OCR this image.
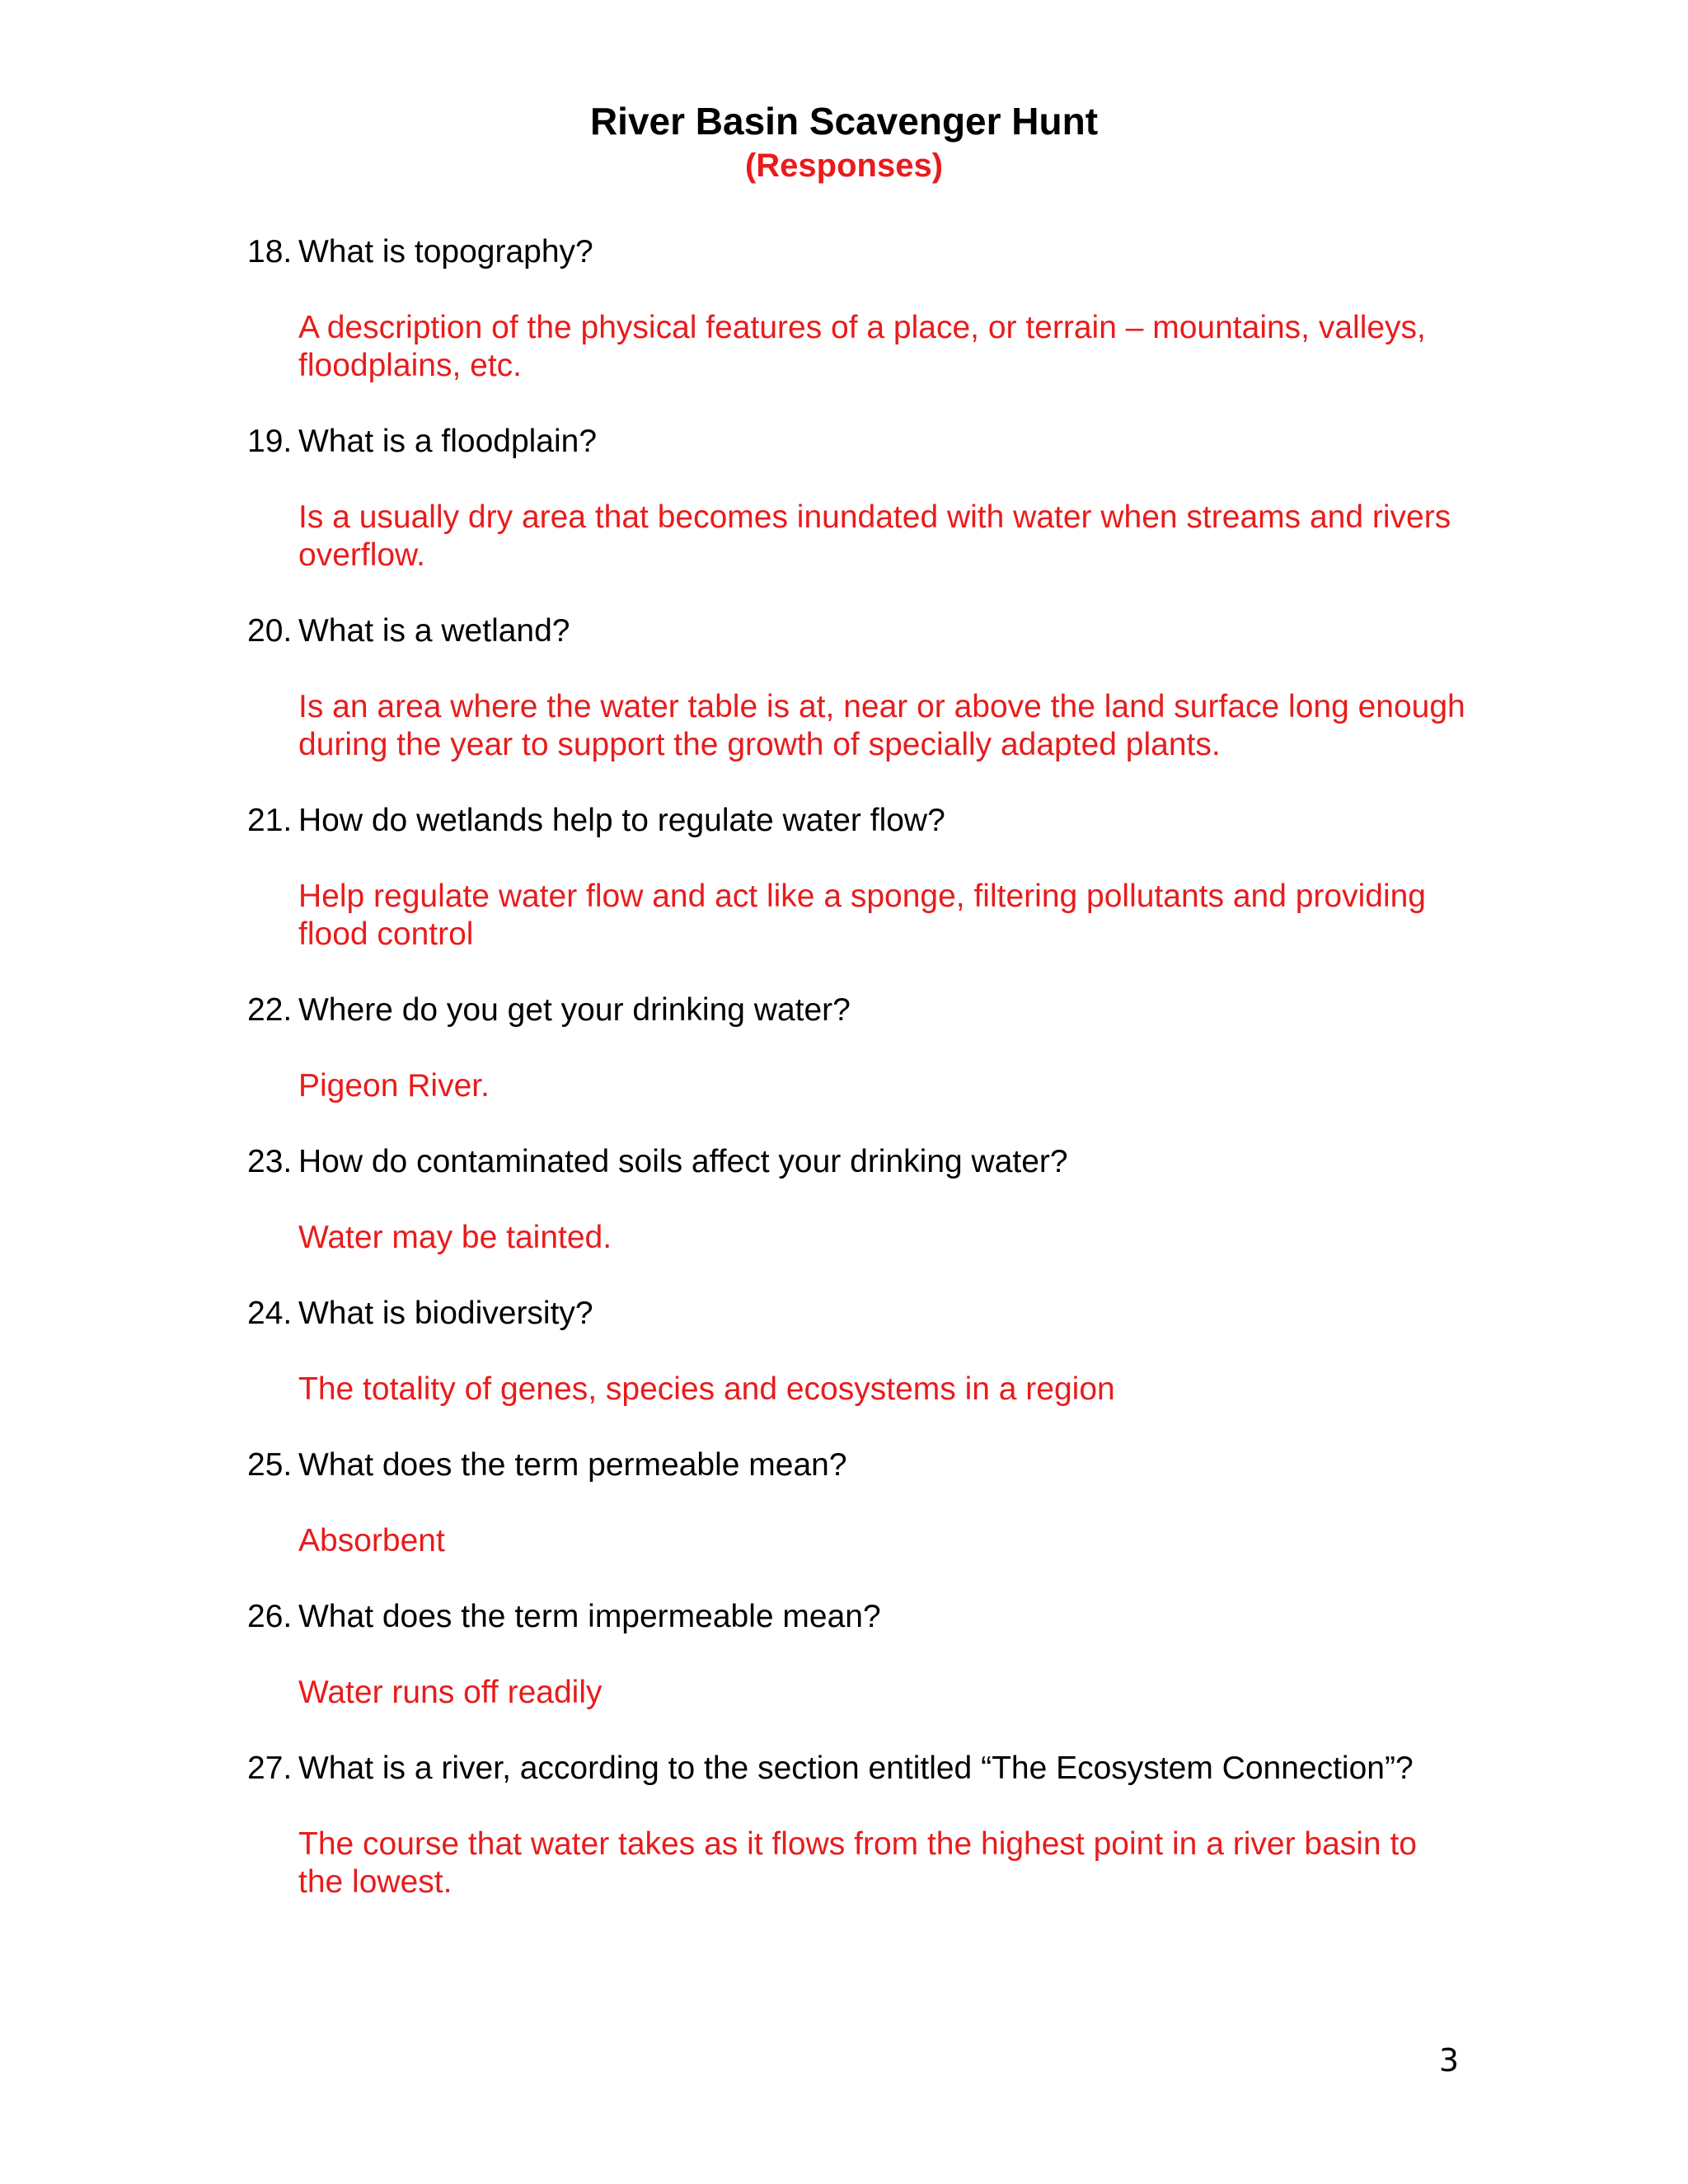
River Basin Scavenger Hunt
(Responses)
18. What is topography?
A description of the physical features of a place, or terrain – mountains, valleys, floodplains, etc.
19. What is a floodplain?
Is a usually dry area that becomes inundated with water when streams and rivers overflow.
20. What is a wetland?
Is an area where the water table is at, near or above the land surface long enough during the year to support the growth of specially adapted plants.
21. How do wetlands help to regulate water flow?
Help regulate water flow and act like a sponge, filtering pollutants and providing flood control
22. Where do you get your drinking water?
Pigeon River.
23. How do contaminated soils affect your drinking water?
Water may be tainted.
24. What is biodiversity?
The totality of genes, species and ecosystems in a region
25. What does the term permeable mean?
Absorbent
26. What does the term impermeable mean?
Water runs off readily
27. What is a river, according to the section entitled “The Ecosystem Connection”?
The course that water takes as it flows from the highest point in a river basin to the lowest.
3
